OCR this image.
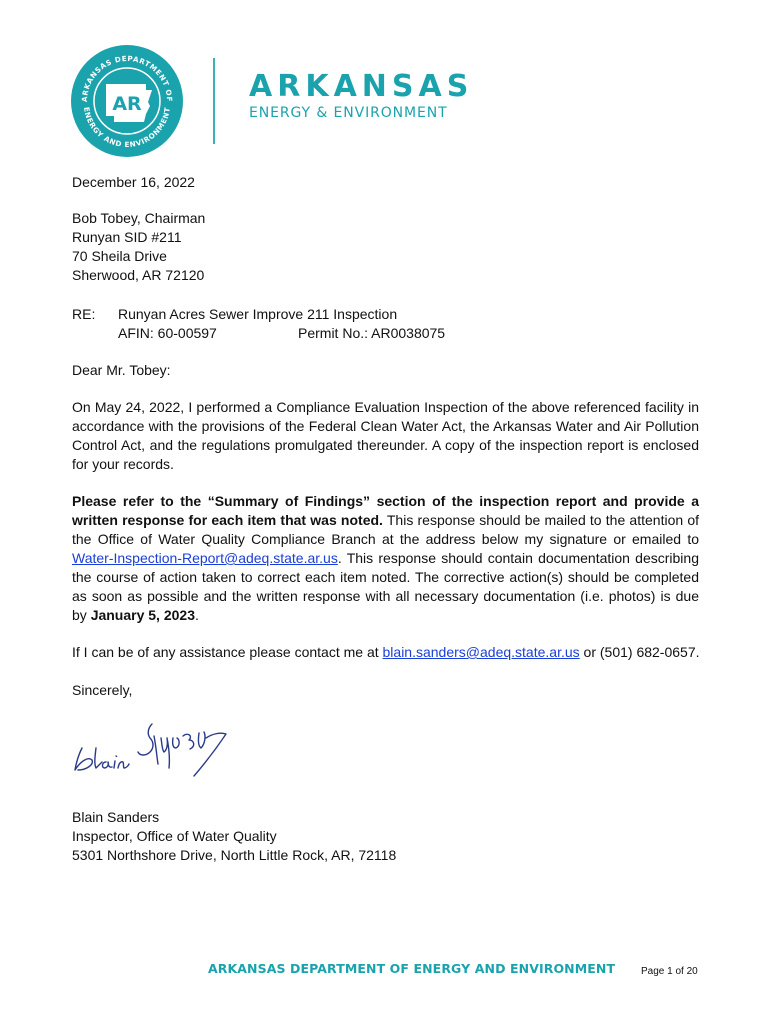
ARKANSAS DEPARTMENT OF
ENERGY AND ENVIRONMENT
AR	ARKANSAS
ENERGY & ENVIRONMENT
December 16, 2022
Bob Tobey, Chairman
Runyan SID #211
70 Sheila Drive
Sherwood, AR 72120
RE: Runyan Acres Sewer Improve 211 Inspection
AFIN: 60-00597	Permit No.: AR0038075
Dear Mr. Tobey:
On May 24, 2022, I performed a Compliance Evaluation Inspection of the above referenced facility in accordance with the provisions of the Federal Clean Water Act, the Arkansas Water and Air Pollution Control Act, and the regulations promulgated thereunder. A copy of the inspection report is enclosed for your records.
Please refer to the “Summary of Findings” section of the inspection report and provide a written response for each item that was noted. This response should be mailed to the attention of the Office of Water Quality Compliance Branch at the address below my signature or emailed to Water-Inspection-Report@adeq.state.ar.us. This response should contain documentation describing the course of action taken to correct each item noted. The corrective action(s) should be completed as soon as possible and the written response with all necessary documentation (i.e. photos) is due by January 5, 2023.
If I can be of any assistance please contact me at blain.sanders@adeq.state.ar.us or (501) 682-0657.
Sincerely,
Blain Sanders
Inspector, Office of Water Quality
5301 Northshore Drive, North Little Rock, AR, 72118
ARKANSAS DEPARTMENT OF ENERGY AND ENVIRONMENT	Page 1 of 20
